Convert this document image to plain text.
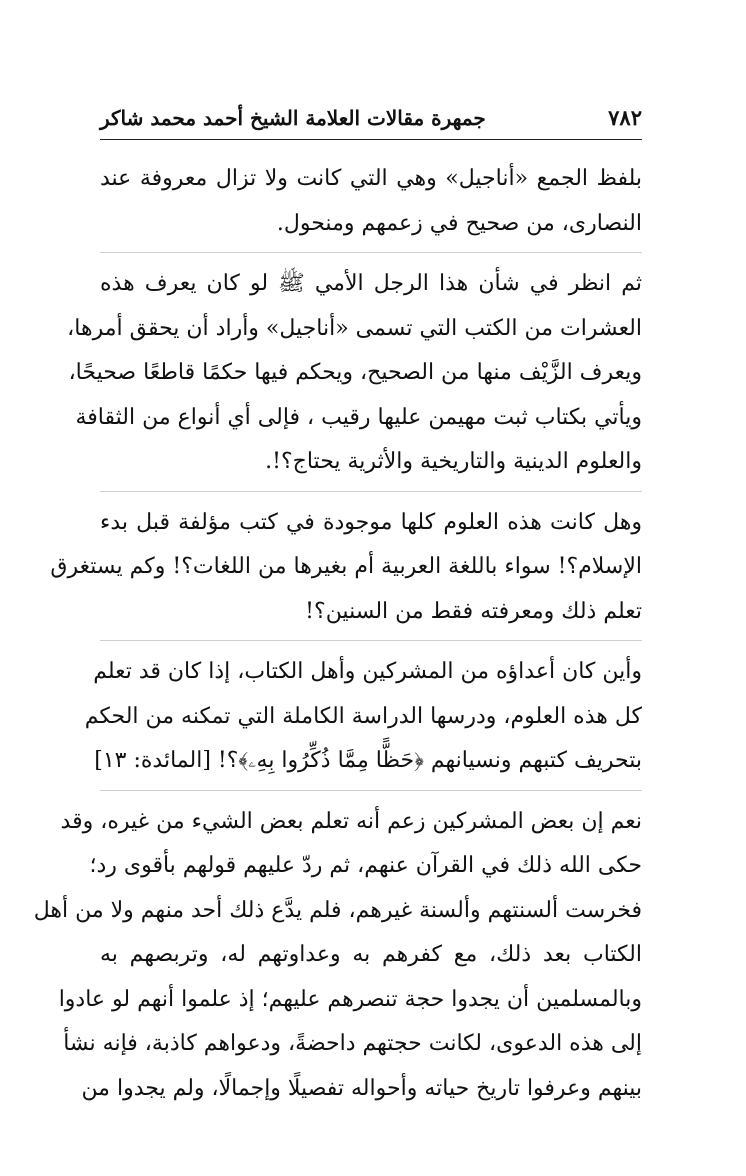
٧٨٢
جمهرة مقالات العلامة الشيخ أحمد محمد شاكر
بلفظ الجمع «أناجيل» وهي التي كانت ولا تزال معروفة عند
النصارى، من صحيح في زعمهم ومنحول.
ثم انظر في شأن هذا الرجل الأمي ﷺ لو كان يعرف هذه
العشرات من الكتب التي تسمى «أناجيل» وأراد أن يحقق أمرها،
ويعرف الزَّيْف منها من الصحيح، ويحكم فيها حكمًا قاطعًا صحيحًا،
ويأتي بكتاب ثبت مهيمن عليها رقيب ، فإلى أي أنواع من الثقافة
والعلوم الدينية والتاريخية والأثرية يحتاج؟!.
وهل كانت هذه العلوم كلها موجودة في كتب مؤلفة قبل بدء
الإسلام؟! سواء باللغة العربية أم بغيرها من اللغات؟! وكم يستغرق
تعلم ذلك ومعرفته فقط من السنين؟!
وأين كان أعداؤه من المشركين وأهل الكتاب، إذا كان قد تعلم
كل هذه العلوم، ودرسها الدراسة الكاملة التي تمكنه من الحكم
بتحريف كتبهم ونسيانهم ﴿حَظًّا مِمَّا ذُكِّرُوا بِهِۦ﴾؟! [المائدة: ١٣]
نعم إن بعض المشركين زعم أنه تعلم بعض الشيء من غيره، وقد
حكى الله ذلك في القرآن عنهم، ثم ردّ عليهم قولهم بأقوى رد؛
فخرست ألسنتهم وألسنة غيرهم، فلم يدَّع ذلك أحد منهم ولا من أهل
الكتاب بعد ذلك، مع كفرهم به وعداوتهم له، وتربصهم به
وبالمسلمين أن يجدوا حجة تنصرهم عليهم؛ إذ علموا أنهم لو عادوا
إلى هذه الدعوى، لكانت حجتهم داحضةً، ودعواهم كاذبة، فإنه نشأ
بينهم وعرفوا تاريخ حياته وأحواله تفصيلًا وإجمالًا، ولم يجدوا من
